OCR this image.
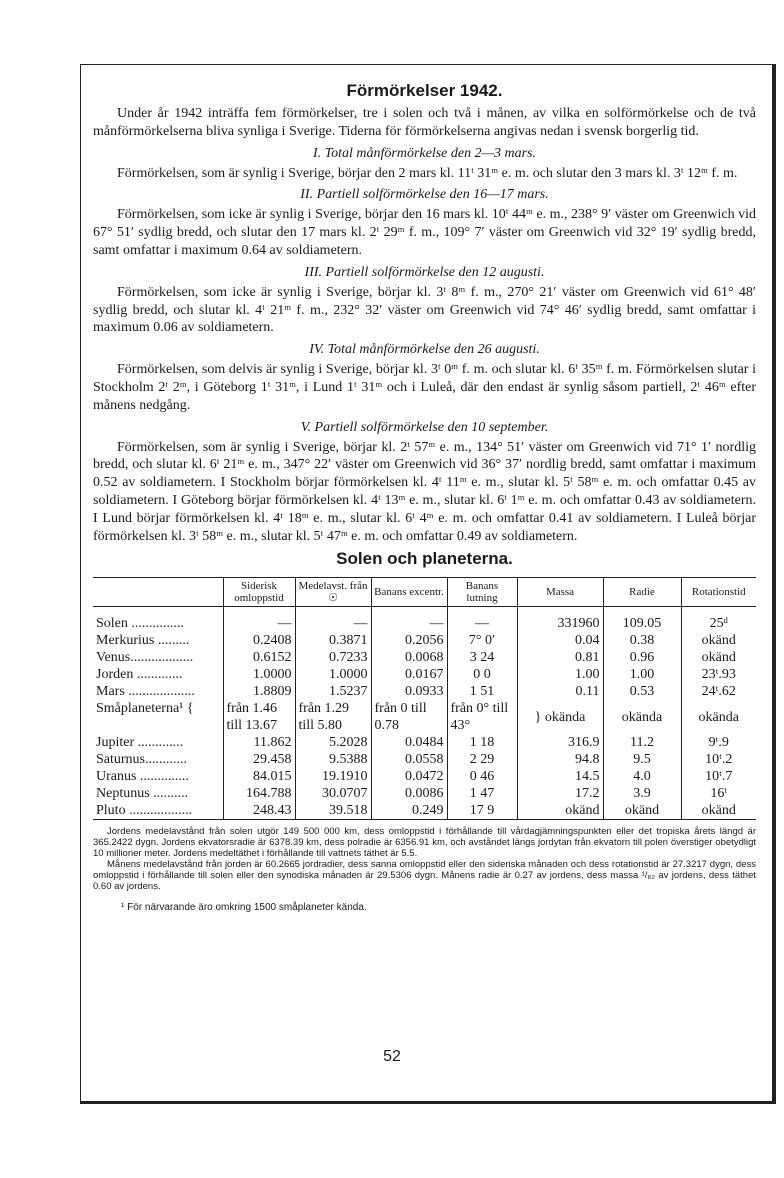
Förmörkelser 1942.

Under år 1942 inträffa fem förmörkelser, tre i solen och två i månen, av vilka en solförmörkelse och de två månförmörkelserna bliva synliga i Sverige. Tiderna för förmörkelserna angivas nedan i svensk borgerlig tid.

I. Total månförmörkelse den 2—3 mars.

Förmörkelsen, som är synlig i Sverige, börjar den 2 mars kl. 11ᵗ 31ᵐ e. m. och slutar den 3 mars kl. 3ᵗ 12ᵐ f. m.

II. Partiell solförmörkelse den 16—17 mars.

Förmörkelsen, som icke är synlig i Sverige, börjar den 16 mars kl. 10ᵗ 44ᵐ e. m., 238° 9′ väster om Greenwich vid 67° 51′ sydlig bredd, och slutar den 17 mars kl. 2ᵗ 29ᵐ f. m., 109° 7′ väster om Greenwich vid 32° 19′ sydlig bredd, samt omfattar i maximum 0.64 av soldiametern.

III. Partiell solförmörkelse den 12 augusti.

Förmörkelsen, som icke är synlig i Sverige, börjar kl. 3ᵗ 8ᵐ f. m., 270° 21′ väster om Greenwich vid 61° 48′ sydlig bredd, och slutar kl. 4ᵗ 21ᵐ f. m., 232° 32′ väster om Greenwich vid 74° 46′ sydlig bredd, samt omfattar i maximum 0.06 av soldiametern.

IV. Total månförmörkelse den 26 augusti.

Förmörkelsen, som delvis är synlig i Sverige, börjar kl. 3ᵗ 0ᵐ f. m. och slutar kl. 6ᵗ 35ᵐ f. m. Förmörkelsen slutar i Stockholm 2ᵗ 2ᵐ, i Göteborg 1ᵗ 31ᵐ, i Lund 1ᵗ 31ᵐ och i Luleå, där den endast är synlig såsom partiell, 2ᵗ 46ᵐ efter månens nedgång.

V. Partiell solförmörkelse den 10 september.

Förmörkelsen, som är synlig i Sverige, börjar kl. 2ᵗ 57ᵐ e. m., 134° 51′ väster om Greenwich vid 71° 1′ nordlig bredd, och slutar kl. 6ᵗ 21ᵐ e. m., 347° 22′ väster om Greenwich vid 36° 37′ nordlig bredd, samt omfattar i maximum 0.52 av soldiametern. I Stockholm börjar förmörkelsen kl. 4ᵗ 11ᵐ e. m., slutar kl. 5ᵗ 58ᵐ e. m. och omfattar 0.45 av soldiametern. I Göteborg börjar förmörkelsen kl. 4ᵗ 13ᵐ e. m., slutar kl. 6ᵗ 1ᵐ e. m. och omfattar 0.43 av soldiametern. I Lund börjar förmörkelsen kl. 4ᵗ 18ᵐ e. m., slutar kl. 6ᵗ 4ᵐ e. m. och omfattar 0.41 av soldiametern. I Luleå börjar förmörkelsen kl. 3ᵗ 58ᵐ e. m., slutar kl. 5ᵗ 47ᵐ e. m. och omfattar 0.49 av soldiametern.

Solen och planeterna.
	Siderisk omloppstid	Medelavst. från ☉	Banans excentr.	Banans lutning	Massa	Radie	Rotationstid
Solen ...............	—	—	—	—	331960	109.05	25ᵈ
Merkurius .........	0.2408	0.3871	0.2056	7° 0′	0.04	0.38	okänd
Venus..................	0.6152	0.7233	0.0068	3 24	0.81	0.96	okänd
Jorden .............	1.0000	1.0000	0.0167	0 0	1.00	1.00	23ᵗ.93
Mars ...................	1.8809	1.5237	0.0933	1 51	0.11	0.53	24ᵗ.62
Småplaneterna¹ {	från 1.46 till 13.67	från 1.29 till 5.80	från 0 till 0.78	från 0° till 43°	} okända	okända	okända
Jupiter .............	11.862	5.2028	0.0484	1 18	316.9	11.2	9ᵗ.9
Saturnus............	29.458	9.5388	0.0558	2 29	94.8	9.5	10ᵗ.2
Uranus ..............	84.015	19.1910	0.0472	0 46	14.5	4.0	10ᵗ.7
Neptunus ..........	164.788	30.0707	0.0086	1 47	17.2	3.9	16ᵗ
Pluto ..................	248.43	39.518	0.249	17 9	okänd	okänd	okänd

Jordens medelavstånd från solen utgör 149 500 000 km, dess omloppstid i förhållande till vårdagjämningspunkten eller det tropiska årets längd är 365.2422 dygn. Jordens ekvatorsradie är 6378.39 km, dess polradie är 6356.91 km, och avståndet längs jordytan från ekvatorn till polen överstiger obetydligt 10 millioner meter. Jordens medeltäthet i förhållande till vattnets täthet är 5.5.

Månens medelavstånd från jorden är 60.2665 jordradier, dess sanna omloppstid eller den sideriska månaden och dess rotationstid är 27.3217 dygn, dess omloppstid i förhållande till solen eller den synodiska månaden är 29.5306 dygn. Månens radie är 0.27 av jordens, dess massa ¹/₈₂ av jordens, dess täthet 0.60 av jordens.

¹ För närvarande äro omkring 1500 småplaneter kända.

52
